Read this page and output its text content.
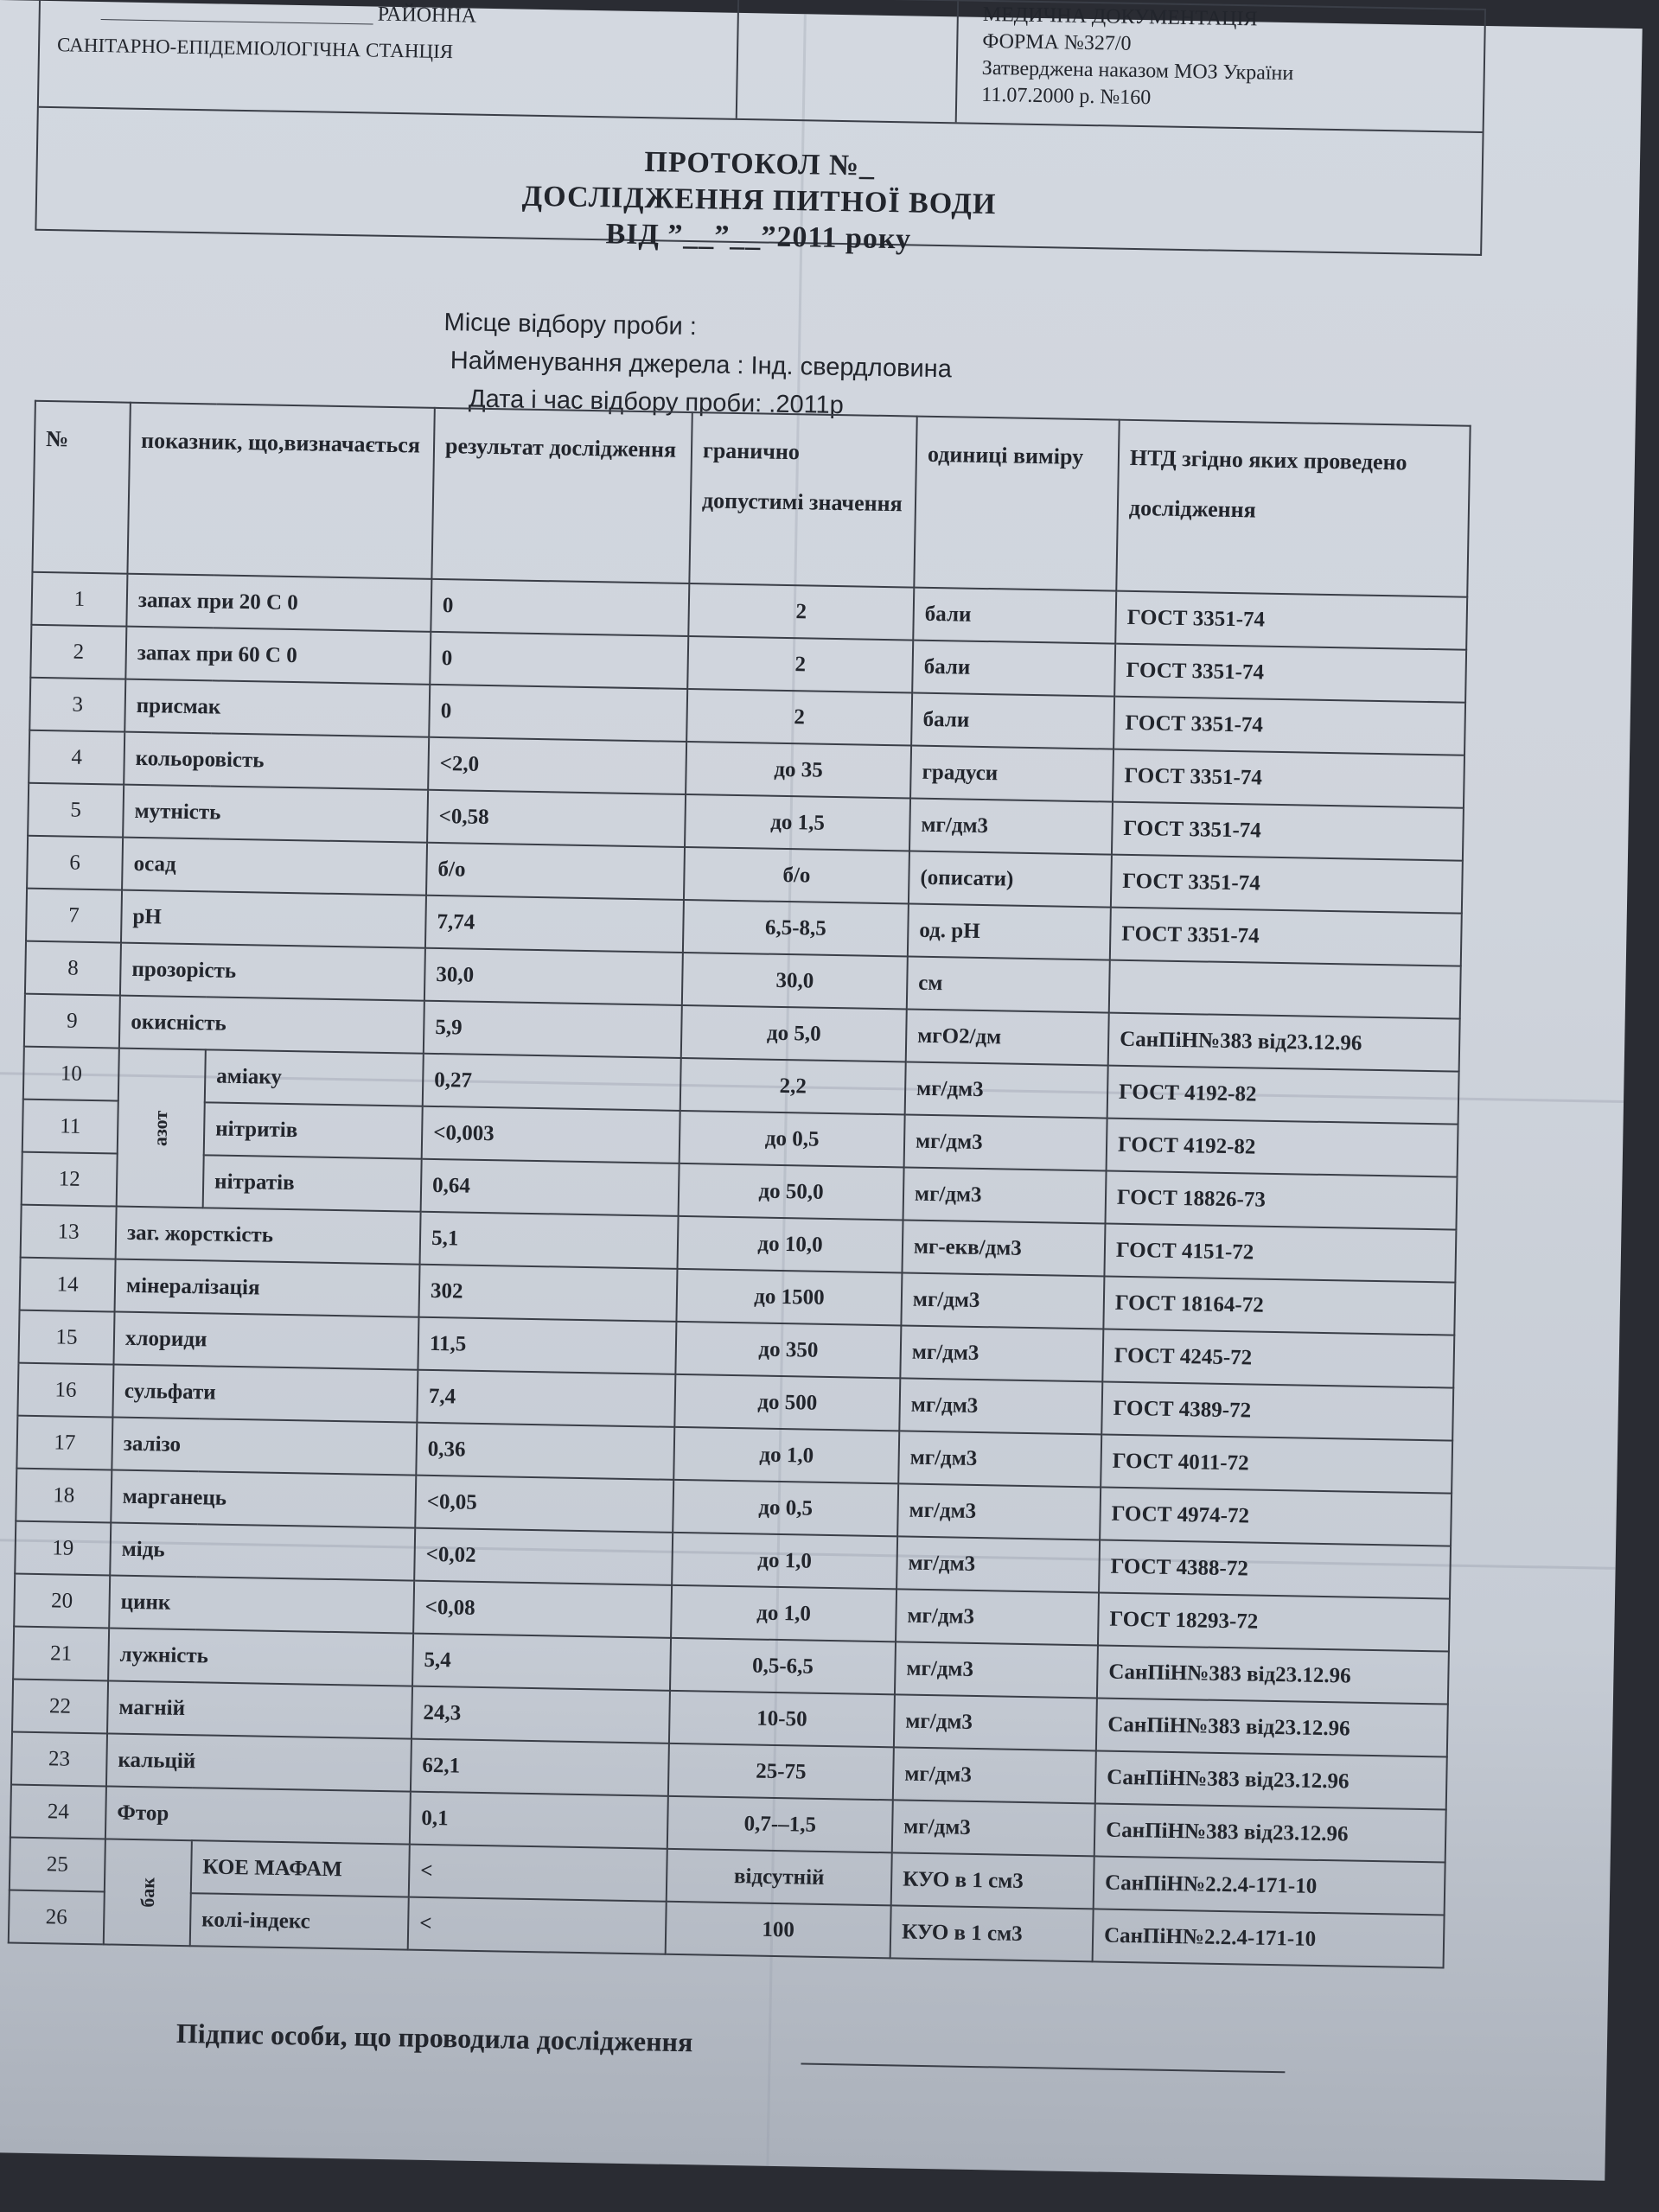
РАЙОННА
САНІТАРНО-ЕПІДЕМІОЛОГІЧНА СТАНЦІЯ
МЕДИЧНА ДОКУМЕНТАЦІЯ
ФОРМА №327/0
Затверджена наказом МОЗ України
11.07.2000 р. №160
ПРОТОКОЛ №_
ДОСЛІДЖЕННЯ ПИТНОЇ ВОДИ
ВІД ”__”__”2011 року
Місце відбору проби :
Найменування джерела : Інд. свердловина
Дата і час відбору проби: .2011р
№	показник, що,визначається		результат дослідження	гранично допустимі значення	одиниці виміру	НТД згідно яких проведено дослідження
1	запах при 20 С 0		0	2	бали	ГОСТ 3351-74
2	запах при 60 С 0		0	2	бали	ГОСТ 3351-74
3	присмак		0	2	бали	ГОСТ 3351-74
4	кольоровість		<2,0	до 35	градуси	ГОСТ 3351-74
5	мутність		<0,58	до 1,5	мг/дм3	ГОСТ 3351-74
6	осад		б/о	б/о	(описати)	ГОСТ 3351-74
7	pH		7,74	6,5-8,5	од. pH	ГОСТ 3351-74
8	прозорість		30,0	30,0	см	
9	окисність		5,9	до 5,0	мгО2/дм	СанПіН№383 від23.12.96
10	азот	аміаку	0,27	2,2	мг/дм3	ГОСТ 4192-82
11		нітритів	<0,003	до 0,5	мг/дм3	ГОСТ 4192-82
12		нітратів	0,64	до 50,0	мг/дм3	ГОСТ 18826-73
13	заг. жорсткість		5,1	до 10,0	мг-екв/дм3	ГОСТ 4151-72
14	мінералізація		302	до 1500	мг/дм3	ГОСТ 18164-72
15	хлориди		11,5	до 350	мг/дм3	ГОСТ 4245-72
16	сульфати		7,4	до 500	мг/дм3	ГОСТ 4389-72
17	залізо		0,36	до 1,0	мг/дм3	ГОСТ 4011-72
18	марганець		<0,05	до 0,5	мг/дм3	ГОСТ 4974-72
19	мідь		<0,02	до 1,0	мг/дм3	ГОСТ 4388-72
20	цинк		<0,08	до 1,0	мг/дм3	ГОСТ 18293-72
21	лужність		5,4	0,5-6,5	мг/дм3	СанПіН№383 від23.12.96
22	магній		24,3	10-50	мг/дм3	СанПіН№383 від23.12.96
23	кальцій		62,1	25-75	мг/дм3	СанПіН№383 від23.12.96
24	Фтор		0,1	0,7-–1,5	мг/дм3	СанПіН№383 від23.12.96
25	бак	КОЕ МАФАМ	<	відсутній	КУО в 1 см3	СанПіН№2.2.4-171-10
26		колі-індекс	<	100	КУО в 1 см3	СанПіН№2.2.4-171-10
Підпис особи, що проводила дослідження
